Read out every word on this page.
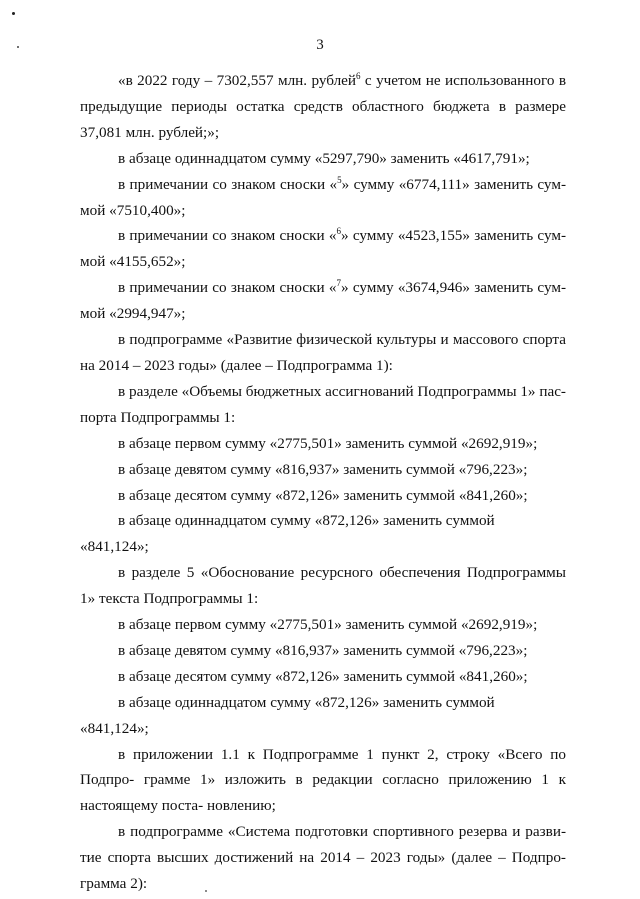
3

«в 2022 году – 7302,557 млн. рублей$^6$ с учетом не использованного в предыдущие периоды остатка средств областного бюджета в размере 37,081 млн. рублей;»;

в абзаце одиннадцатом сумму «5297,790» заменить «4617,791»;

в примечании со знаком сноски «$^5$» сумму «6774,111» заменить сум- мой «7510,400»;

в примечании со знаком сноски «$^6$» сумму «4523,155» заменить сум- мой «4155,652»;

в примечании со знаком сноски «$^7$» сумму «3674,946» заменить сум- мой «2994,947»;

в подпрограмме «Развитие физической культуры и массового спорта на 2014 – 2023 годы» (далее – Подпрограмма 1):

в разделе «Объемы бюджетных ассигнований Подпрограммы 1» пас- порта Подпрограммы 1:

в абзаце первом сумму «2775,501» заменить суммой «2692,919»;

в абзаце девятом сумму «816,937» заменить суммой «796,223»;

в абзаце десятом сумму «872,126» заменить суммой «841,260»;

в абзаце одиннадцатом сумму «872,126» заменить суммой «841,124»;

в разделе 5 «Обоснование ресурсного обеспечения Подпрограммы 1» текста Подпрограммы 1:

в абзаце первом сумму «2775,501» заменить суммой «2692,919»;

в абзаце девятом сумму «816,937» заменить суммой «796,223»;

в абзаце десятом сумму «872,126» заменить суммой «841,260»;

в абзаце одиннадцатом сумму «872,126» заменить суммой «841,124»;

в приложении 1.1 к Подпрограмме 1 пункт 2, строку «Всего по Подпро- грамме 1» изложить в редакции согласно приложению 1 к настоящему поста- новлению;

в подпрограмме «Система подготовки спортивного резерва и разви- тие спорта высших достижений на 2014 – 2023 годы» (далее – Подпро- грамма 2):
